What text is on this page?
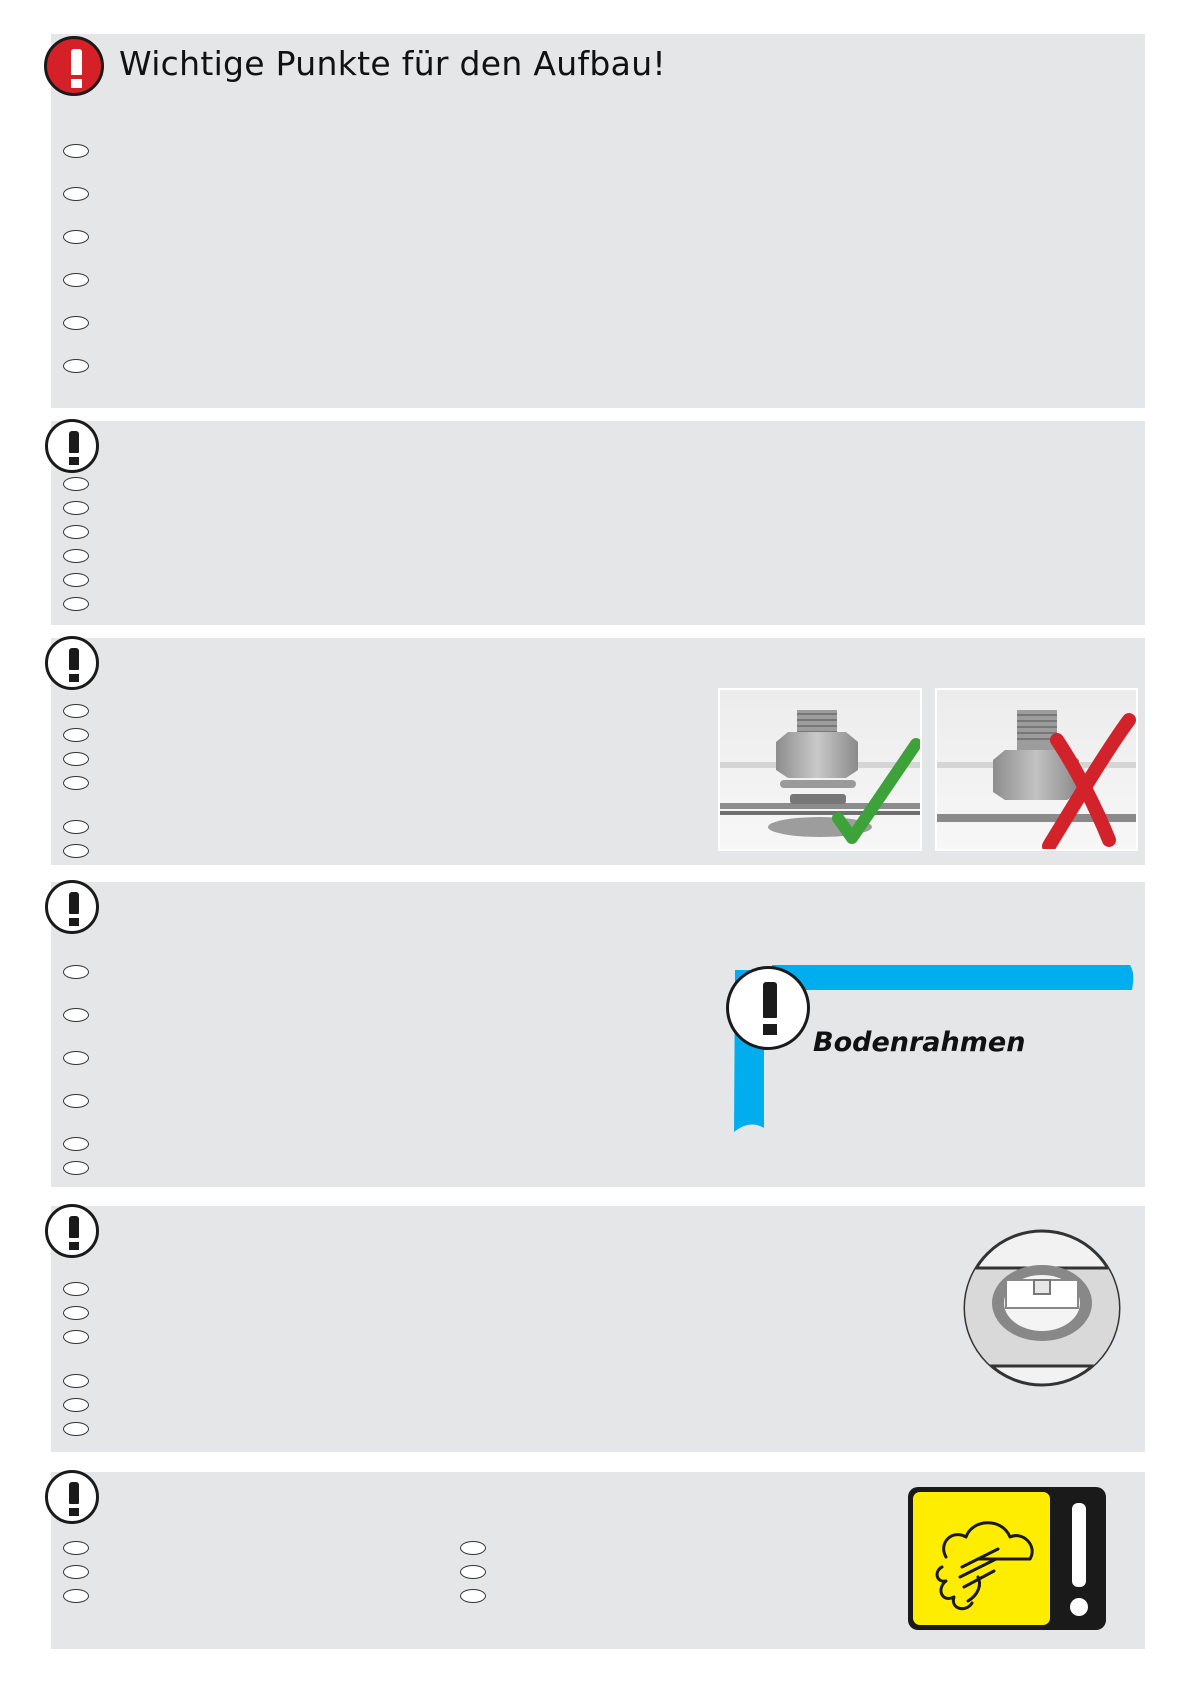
Wichtige Punkte für den Aufbau!
Bodenrahmen
